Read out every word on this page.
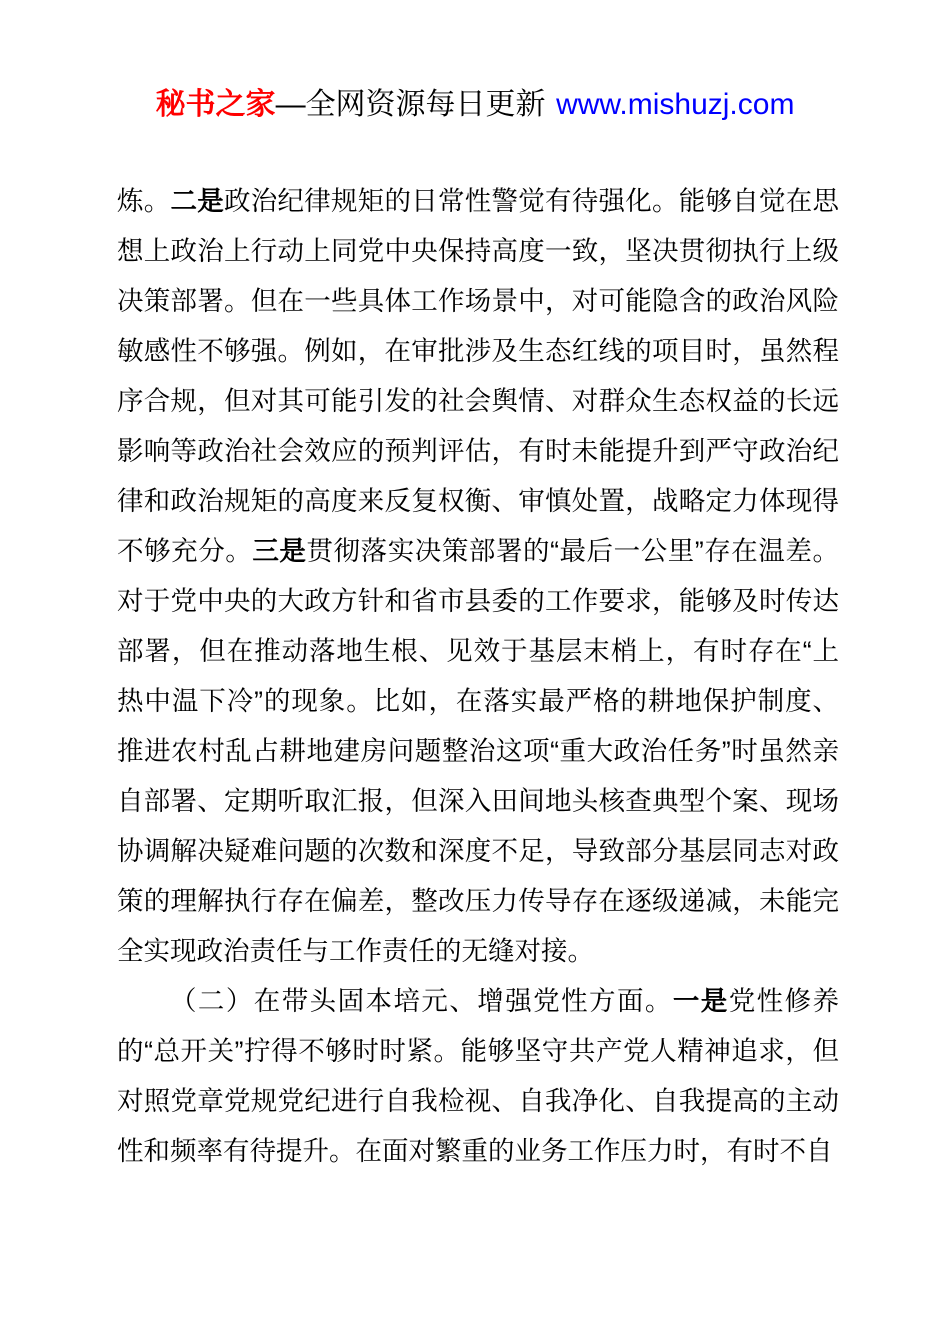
秘书之家—全网资源每日更新 www.mishuzj.com

炼。二是政治纪律规矩的日常性警觉有待强化。能够自觉在思想上政治上行动上同党中央保持高度一致，坚决贯彻执行上级决策部署。但在一些具体工作场景中，对可能隐含的政治风险敏感性不够强。例如，在审批涉及生态红线的项目时，虽然程序合规，但对其可能引发的社会舆情、对群众生态权益的长远影响等政治社会效应的预判评估，有时未能提升到严守政治纪律和政治规矩的高度来反复权衡、审慎处置，战略定力体现得不够充分。三是贯彻落实决策部署的“最后一公里”存在温差。对于党中央的大政方针和省市县委的工作要求，能够及时传达部署，但在推动落地生根、见效于基层末梢上，有时存在“上热中温下冷”的现象。比如，在落实最严格的耕地保护制度、推进农村乱占耕地建房问题整治这项“重大政治任务”时虽然亲自部署、定期听取汇报，但深入田间地头核查典型个案、现场协调解决疑难问题的次数和深度不足，导致部分基层同志对政策的理解执行存在偏差，整改压力传导存在逐级递减，未能完全实现政治责任与工作责任的无缝对接。

（二）在带头固本培元、增强党性方面。一是党性修养的“总开关”拧得不够时时紧。能够坚守共产党人精神追求，但对照党章党规党纪进行自我检视、自我净化、自我提高的主动性和频率有待提升。在面对繁重的业务工作压力时，有时不自
